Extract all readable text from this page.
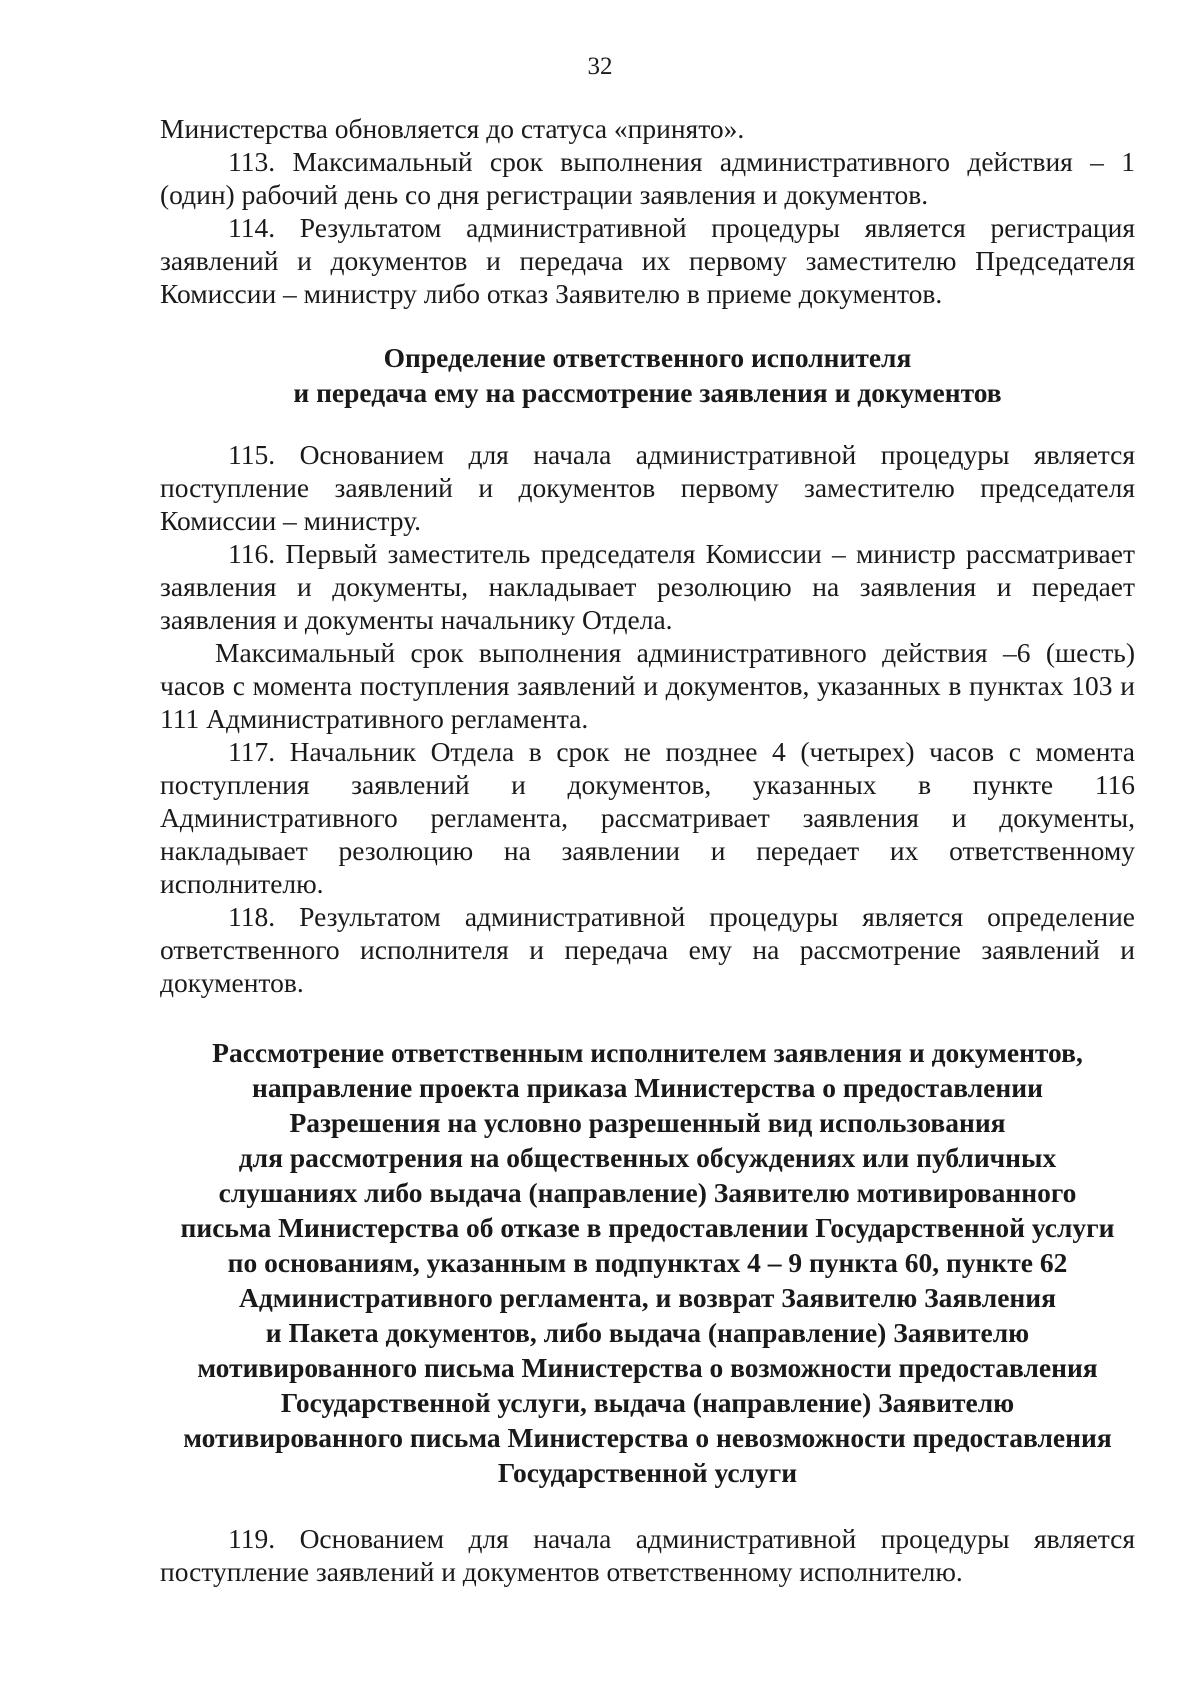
32

Министерства обновляется до статуса «принято».

113. Максимальный срок выполнения административного действия – 1 (один) рабочий день со дня регистрации заявления и документов.

114. Результатом административной процедуры является регистрация заявлений и документов и передача их первому заместителю Председателя Комиссии – министру либо отказ Заявителю в приеме документов.

Определение ответственного исполнителя
и передача ему на рассмотрение заявления и документов

115. Основанием для начала административной процедуры является поступление заявлений и документов первому заместителю председателя Комиссии – министру.

116. Первый заместитель председателя Комиссии – министр рассматривает заявления и документы, накладывает резолюцию на заявления и передает заявления и документы начальнику Отдела.

Максимальный срок выполнения административного действия –6 (шесть) часов с момента поступления заявлений и документов, указанных в пунктах 103 и 111 Административного регламента.

117. Начальник Отдела в срок не позднее 4 (четырех) часов с момента поступления заявлений и документов, указанных в пункте 116 Административного регламента, рассматривает заявления и документы, накладывает резолюцию на заявлении и передает их ответственному исполнителю.

118. Результатом административной процедуры является определение ответственного исполнителя и передача ему на рассмотрение заявлений и документов.

Рассмотрение ответственным исполнителем заявления и документов,
направление проекта приказа Министерства о предоставлении
Разрешения на условно разрешенный вид использования
для рассмотрения на общественных обсуждениях или публичных
слушаниях либо выдача (направление) Заявителю мотивированного
письма Министерства об отказе в предоставлении Государственной услуги
по основаниям, указанным в подпунктах 4 – 9 пункта 60, пункте 62
Административного регламента, и возврат Заявителю Заявления
и Пакета документов, либо выдача (направление) Заявителю
мотивированного письма Министерства о возможности предоставления
Государственной услуги, выдача (направление) Заявителю
мотивированного письма Министерства о невозможности предоставления
Государственной услуги

119. Основанием для начала административной процедуры является поступление заявлений и документов ответственному исполнителю.
